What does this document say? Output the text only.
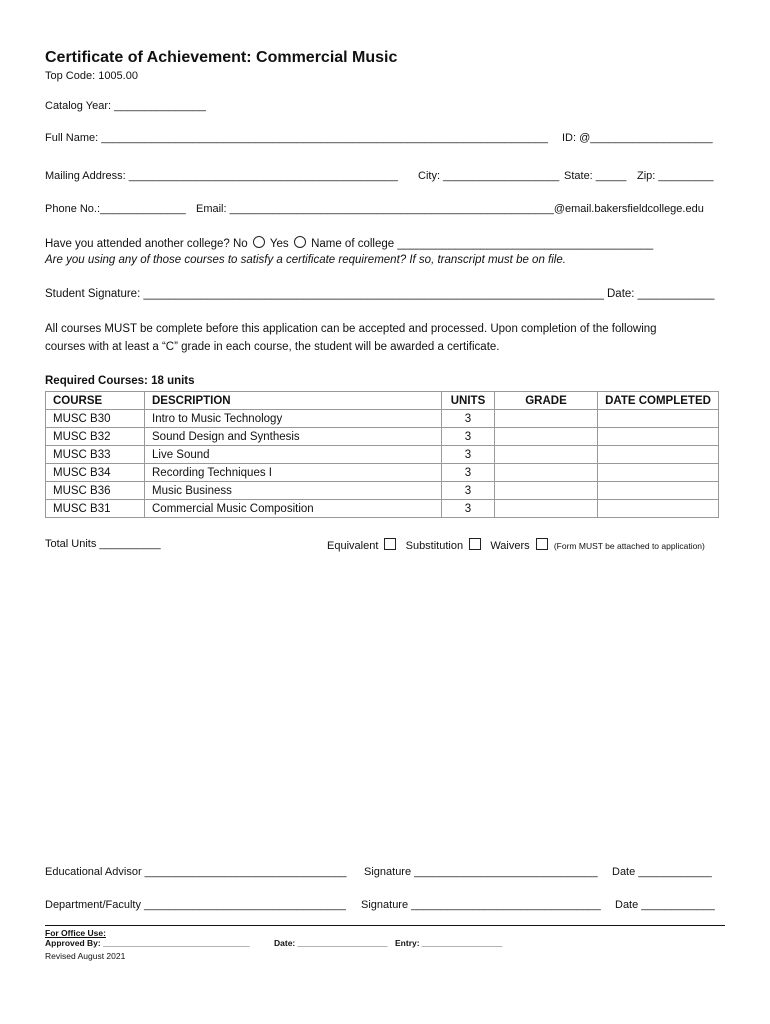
Certificate of Achievement: Commercial Music
Top Code: 1005.00
Catalog Year: _______________
Full Name: _________________________________________________________________________ ID: @____________________
Mailing Address: ____________________________________________ City: ___________________ State: _____ Zip: _________
Phone No.:______________ Email: _____________________________________________________@email.bakersfieldcollege.edu
Have you attended another college? No Yes Name of college ________________________________________
Are you using any of those courses to satisfy a certificate requirement? If so, transcript must be on file.
Student Signature: ________________________________________________________________________ Date: ____________
All courses MUST be complete before this application can be accepted and processed. Upon completion of the following
courses with at least a “C” grade in each course, the student will be awarded a certificate.
Required Courses: 18 units
COURSE	DESCRIPTION	UNITS	GRADE	DATE COMPLETED
MUSC B30	Intro to Music Technology	3		
MUSC B32	Sound Design and Synthesis	3		
MUSC B33	Live Sound	3		
MUSC B34	Recording Techniques I	3		
MUSC B36	Music Business	3		
MUSC B31	Commercial Music Composition	3		
Total Units __________	Equivalent Substitution Waivers	(Form MUST be attached to application)
Educational Advisor _________________________________ Signature ______________________________ Date ____________
Department/Faculty _________________________________ Signature _______________________________ Date ____________
For Office Use:
Approved By: _______________________________	Date: ___________________ Entry: _________________
Revised August 2021
